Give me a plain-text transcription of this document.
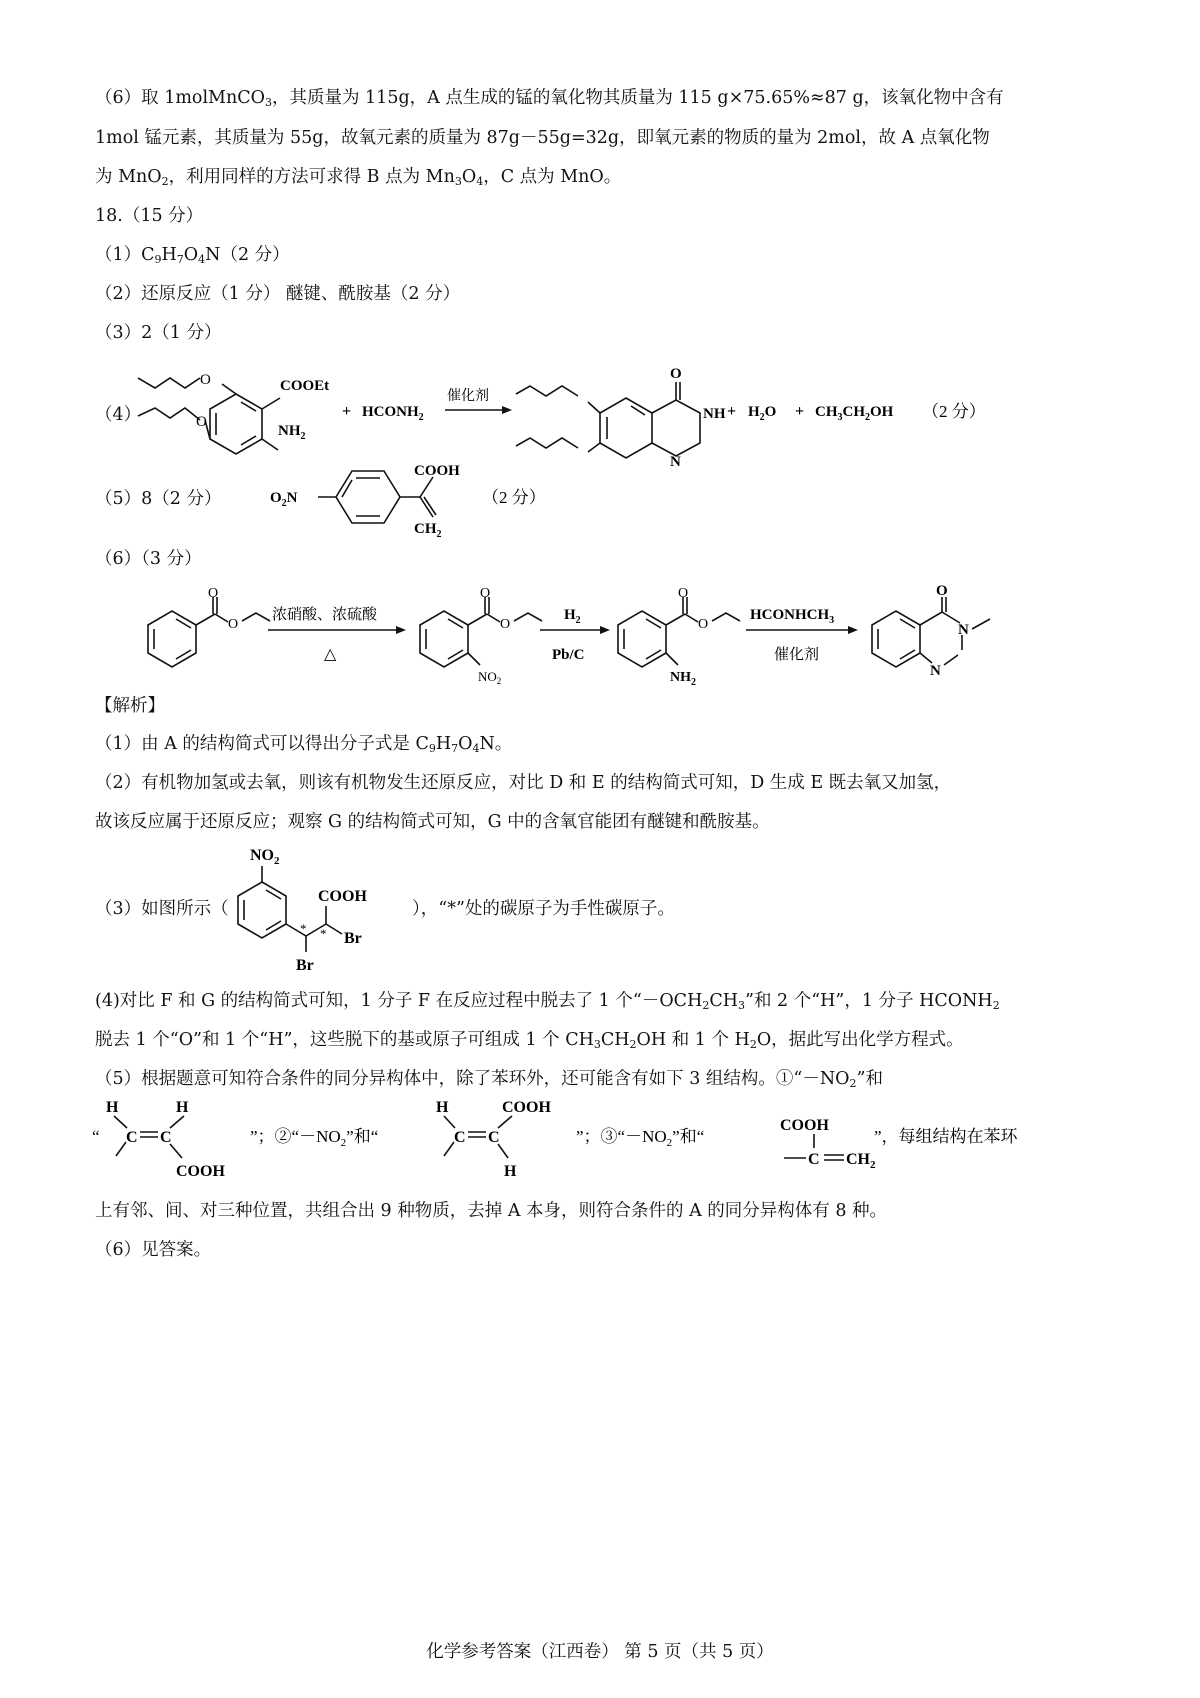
（6）取 1molMnCO$_3$，其质量为 115g，A 点生成的锰的氧化物其质量为 115 g×75.65%≈87 g，该氧化物中含有
1mol 锰元素，其质量为 55g，故氧元素的质量为 87g－55g=32g，即氧元素的物质的量为 2mol，故 A 点氧化物
为 MnO$_2$，利用同样的方法可求得 B 点为 $Mn_3O_4$，C 点为 MnO。
18.（15 分）
$(1)C_9H_7O_4N(2$ 分）
（2）还原反应（1 分） 醚键、酰胺基（2 分）
（3）2（1 分）
（4）
COOEt
$NH_2$
O
O
+ $HCONH_2$
催化剂
O
NH
N
+ $H_2O + CH_3CH_2OH$ （2 分）
（5）8（2 分）	$O_2N$
COOH
$CH_2$
（2 分）
（6）（3 分）
O
O
浓硝酸、浓硫酸
△
O
O
$NO_2$
$H_2$
Pb/C
O
O
$NH_2$
$HCONHCH_3$
催化剂
O
N
N
【解析】
（1）由 A 的结构简式可以得出分子式是 $C_9H_7O_4N$。
（2）有机物加氢或去氧，则该有机物发生还原反应，对比 D 和 E 的结构简式可知，D 生成 E 既去氧又加氢，
故该反应属于还原反应；观察 G 的结构简式可知，G 中的含氧官能团有醚键和酰胺基。
（3）如图所示（	），“*”处的碳原子为手性碳原子。
$NO_2$
COOH
Br
Br
* *
(4)对比 F 和 G 的结构简式可知，1 分子 F 在反应过程中脱去了 1 个“$-OCH_2CH_3$”和 2 个“H”，1 分子 $HCONH_2$
脱去 1 个“O”和 1 个“H”，这些脱下的基或原子可组成 1 个 $CH_3CH_2OH$ 和 1 个 $H_2O$，据此写出化学方程式。
（5）根据题意可知符合条件的同分异构体中，除了苯环外，还可能含有如下 3 组结构。$①“-NO_2$”和
“
H	H
C C
COOH
”；$②“-NO_2$”和“
H	COOH
C C
H
”；$③“-NO_2$”和“
COOH
C $CH_2$
”，每组结构在苯环
上有邻、间、对三种位置，共组合出 9 种物质，去掉 A 本身，则符合条件的 A 的同分异构体有 8 种。
（6）见答案。
化学参考答案（江西卷） 第 5 页（共 5 页）
